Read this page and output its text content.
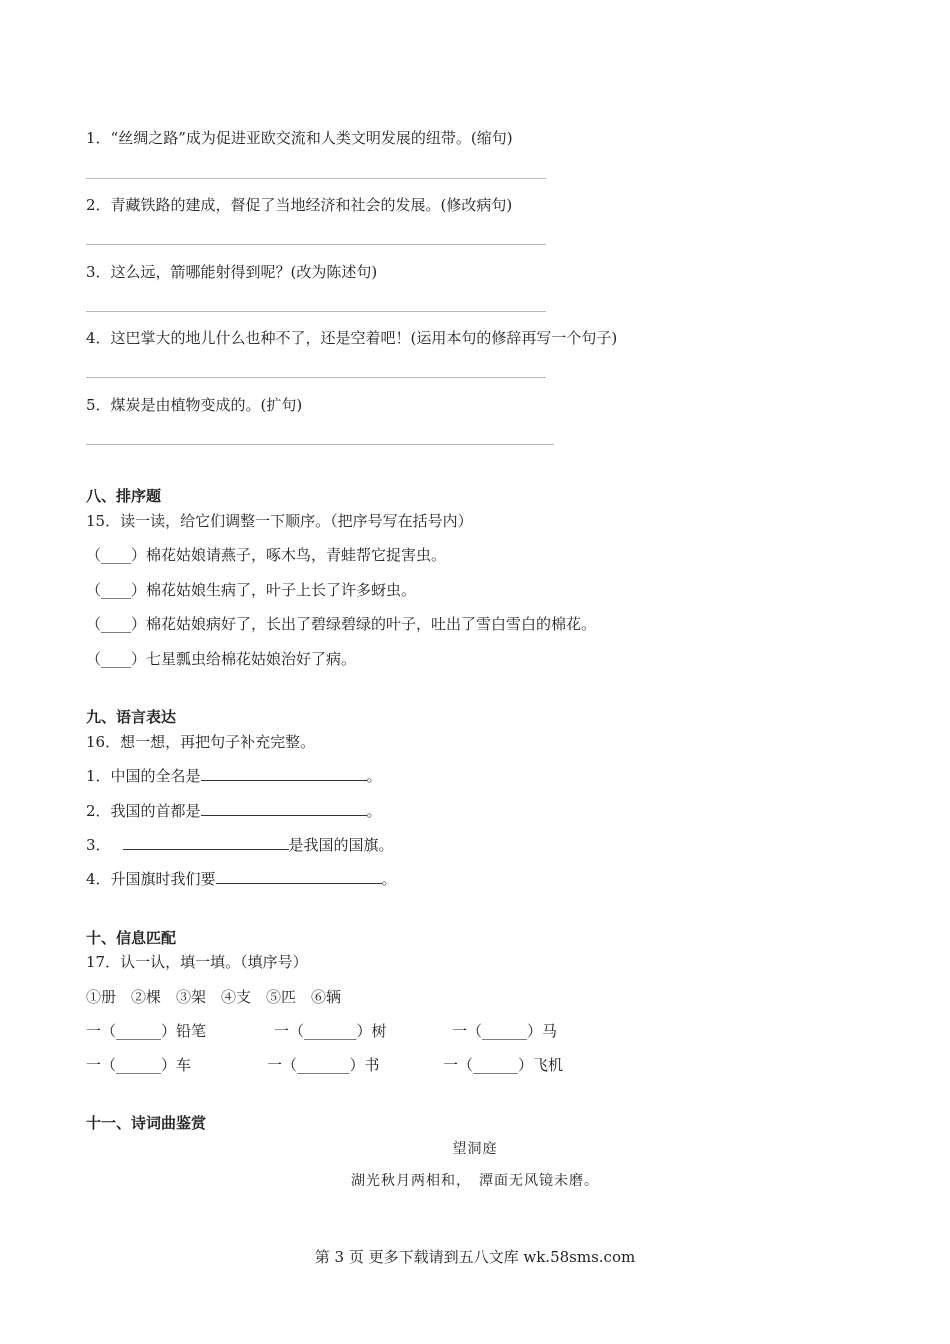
1．“丝绸之路”成为促进亚欧交流和人类文明发展的纽带。(缩句)
2．青藏铁路的建成，督促了当地经济和社会的发展。(修改病句)
3．这么远，箭哪能射得到呢？(改为陈述句)
4．这巴掌大的地儿什么也种不了，还是空着吧！(运用本句的修辞再写一个句子)
5．煤炭是由植物变成的。(扩句)
八、排序题
15．读一读，给它们调整一下顺序。（把序号写在括号内）
（____）棉花姑娘请燕子，啄木鸟，青蛙帮它捉害虫。
（____）棉花姑娘生病了，叶子上长了许多蚜虫。
（____）棉花姑娘病好了，长出了碧绿碧绿的叶子，吐出了雪白雪白的棉花。
（____）七星瓢虫给棉花姑娘治好了病。
九、语言表达
16．想一想，再把句子补充完整。
1．中国的全名是	。
2．我国的首都是	。
3．	是我国的国旗。
4．升国旗时我们要	。
十、信息匹配
17．认一认，填一填。（填序号）
①册　②棵　③架　④支　⑤匹　⑥辆
一（______）铅笔	一（_______）树	一（______）马
一（______）车	一（_______）书	一（______）飞机
十一、诗词曲鉴赏
望洞庭
湖光秋月两相和，　潭面无风镜未磨。
第 3 页 更多下载请到五八文库 wk.58sms.com
